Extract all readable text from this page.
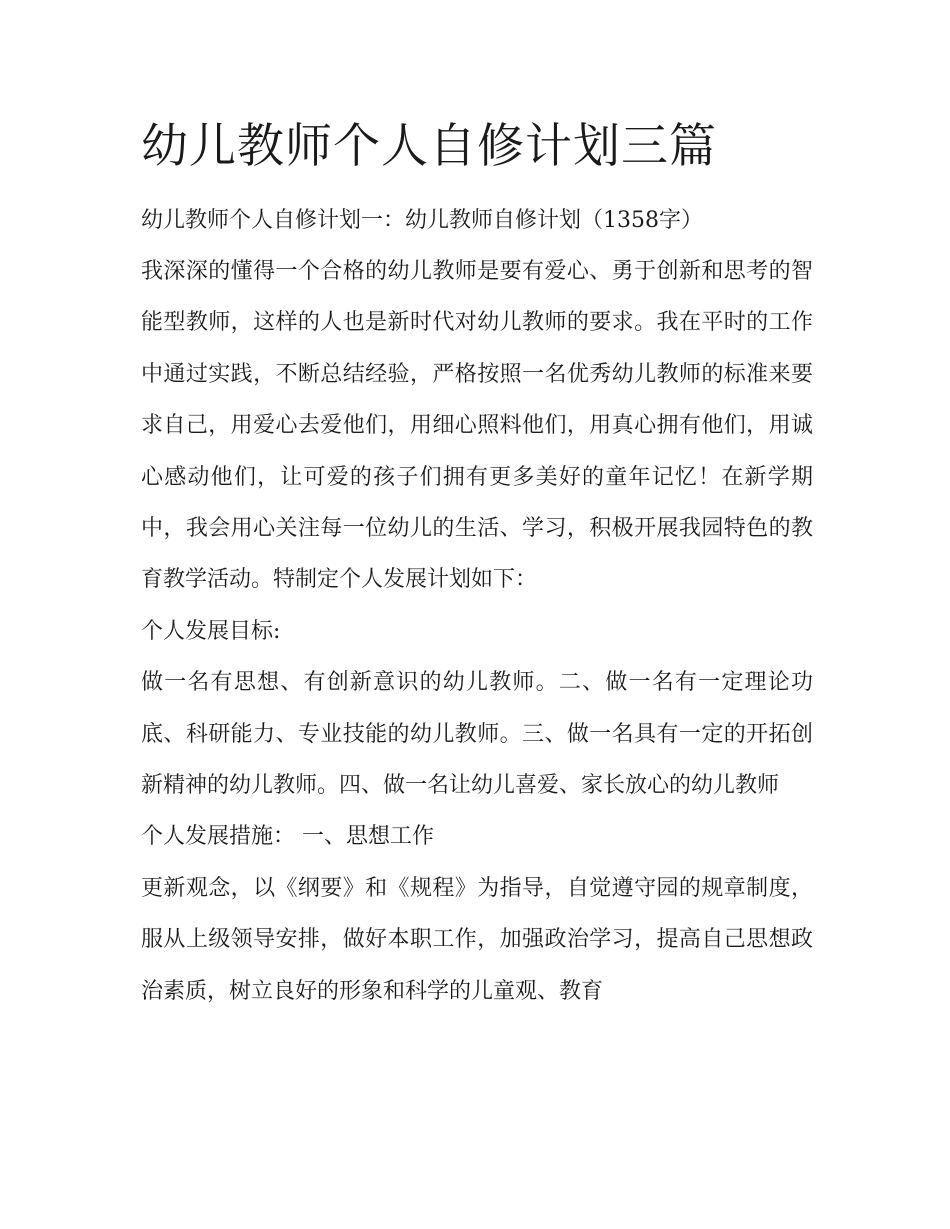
幼儿教师个人自修计划三篇
幼儿教师个人自修计划一：幼儿教师自修计划（1358字）

我深深的懂得一个合格的幼儿教师是要有爱心、勇于创新和思考的智能型教师，这样的人也是新时代对幼儿教师的要求。我在平时的工作中通过实践，不断总结经验，严格按照一名优秀幼儿教师的标准来要求自己，用爱心去爱他们，用细心照料他们，用真心拥有他们，用诚心感动他们，让可爱的孩子们拥有更多美好的童年记忆！在新学期中，我会用心关注每一位幼儿的生活、学习，积极开展我园特色的教育教学活动。特制定个人发展计划如下：

个人发展目标:

做一名有思想、有创新意识的幼儿教师。二、做一名有一定理论功底、科研能力、专业技能的幼儿教师。三、做一名具有一定的开拓创新精神的幼儿教师。四、做一名让幼儿喜爱、家长放心的幼儿教师

个人发展措施： 一、思想工作

更新观念，以《纲要》和《规程》为指导，自觉遵守园的规章制度，服从上级领导安排，做好本职工作，加强政治学习，提高自己思想政治素质，树立良好的形象和科学的儿童观、教育
